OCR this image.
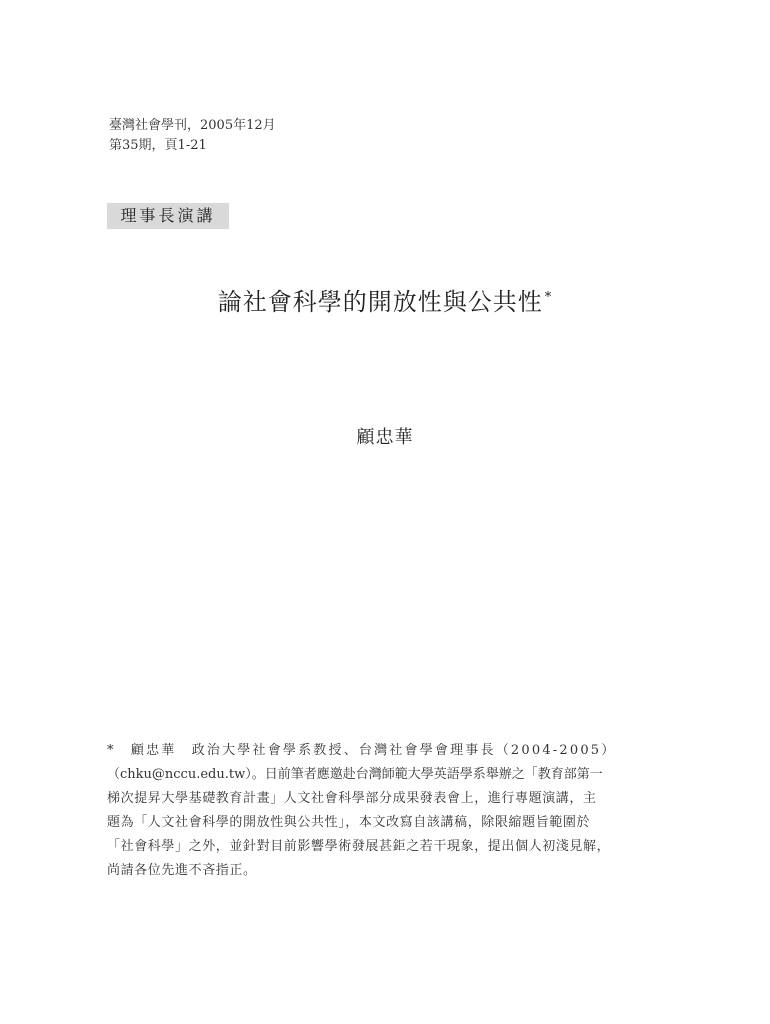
臺灣社會學刊，2005年12月
第35期，頁1-21
理事長演講
論社會科學的開放性與公共性 *
顧忠華
*　顧忠華　政治大學社會學系教授、台灣社會學會理事長（2004-2005）
（chku@nccu.edu.tw）。日前筆者應邀赴台灣師範大學英語學系舉辦之「教育部第一
梯次提昇大學基礎教育計畫」人文社會科學部分成果發表會上，進行專題演講，主
題為「人文社會科學的開放性與公共性」，本文改寫自該講稿，除限縮題旨範圍於
「社會科學」之外，並針對目前影響學術發展甚鉅之若干現象，提出個人初淺見解，
尚請各位先進不吝指正。
